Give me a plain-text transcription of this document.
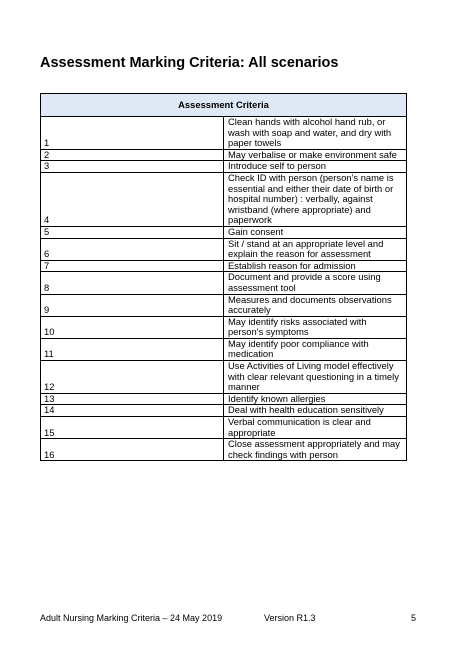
Assessment Marking Criteria: All scenarios
Assessment Criteria	
1	Clean hands with alcohol hand rub, or wash with soap and water, and dry with paper towels
2	May verbalise or make environment safe
3	Introduce self to person
4	Check ID with person (person’s name is essential and either their date of birth or hospital number) : verbally, against wristband (where appropriate) and paperwork
5	Gain consent
6	Sit / stand at an appropriate level and explain the reason for assessment
7	Establish reason for admission
8	Document and provide a score using assessment tool
9	Measures and documents observations accurately
10	May identify risks associated with person’s symptoms
11	May identify poor compliance with medication
12	Use Activities of Living model effectively with clear relevant questioning in a timely manner
13	Identify known allergies
14	Deal with health education sensitively
15	Verbal communication is clear and appropriate
16	Close assessment appropriately and may check findings with person
Adult Nursing Marking Criteria – 24 May 2019	Version R1.3	5
